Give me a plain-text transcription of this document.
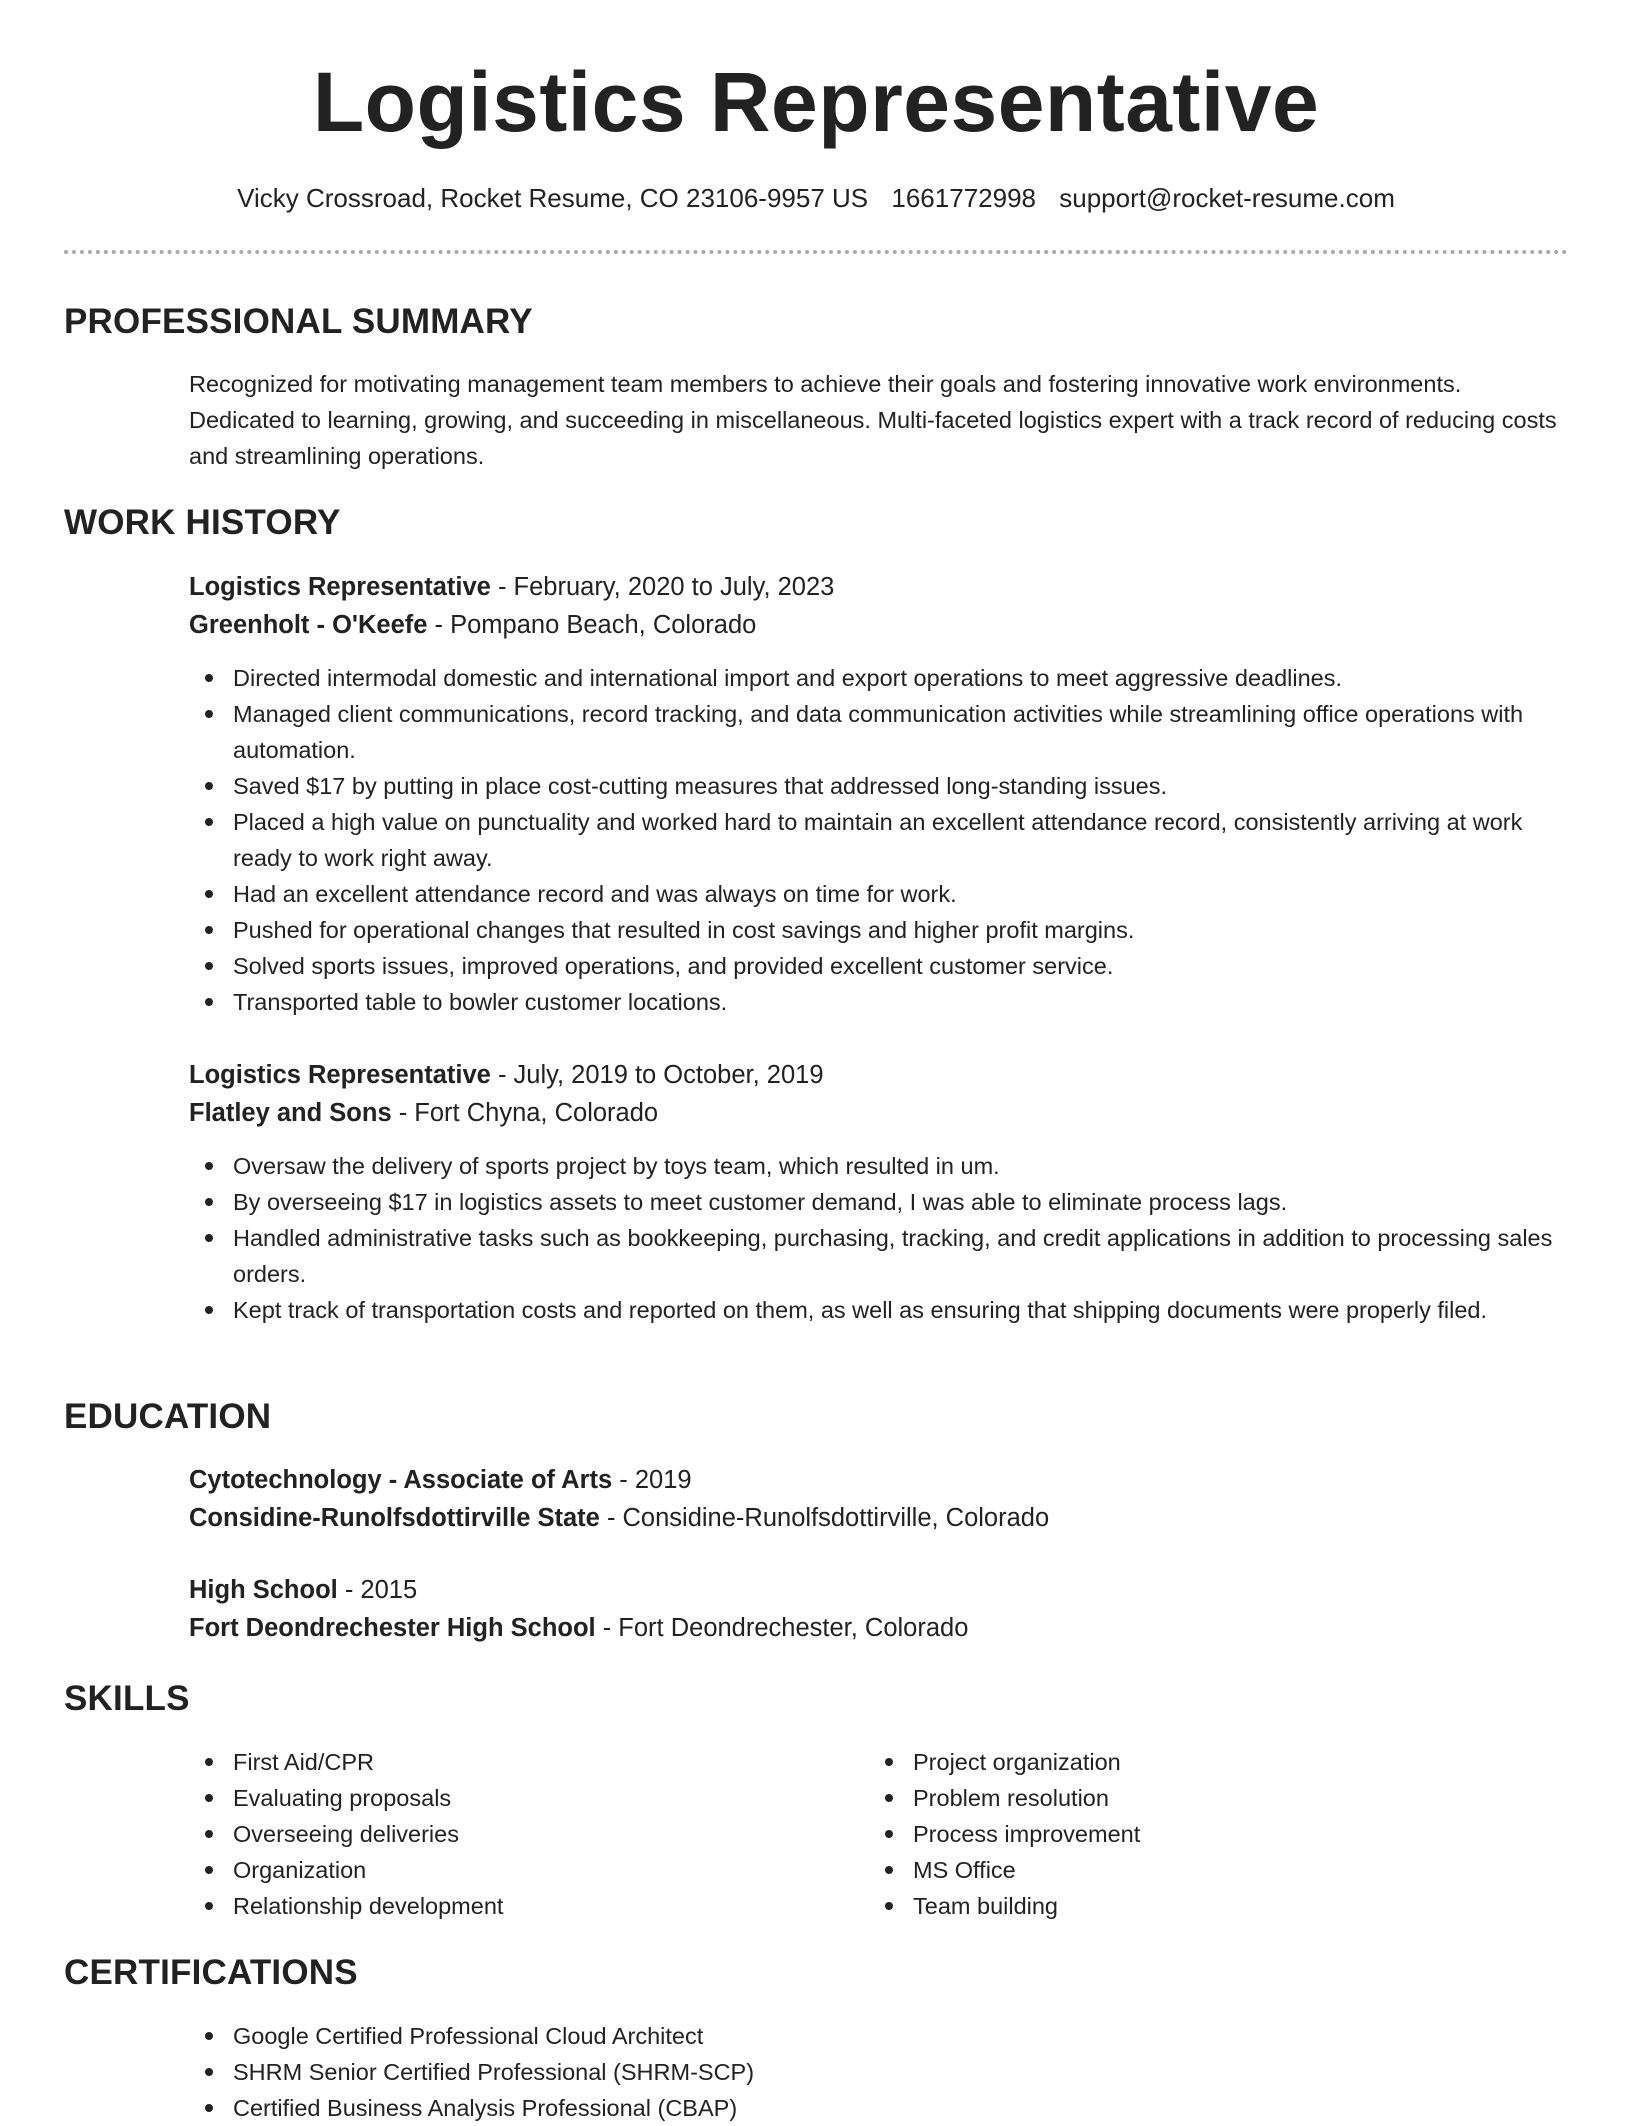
Logistics Representative
Vicky Crossroad, Rocket Resume, CO 23106-9957 US 1661772998 support@rocket-resume.com
PROFESSIONAL SUMMARY

Recognized for motivating management team members to achieve their goals and fostering innovative work environments. Dedicated to learning, growing, and succeeding in miscellaneous. Multi-faceted logistics expert with a track record of reducing costs and streamlining operations.

WORK HISTORY

Logistics Representative - February, 2020 to July, 2023

Greenholt - O'Keefe - Pompano Beach, Colorado

Directed intermodal domestic and international import and export operations to meet aggressive deadlines.
Managed client communications, record tracking, and data communication activities while streamlining office operations with automation.
Saved $17 by putting in place cost-cutting measures that addressed long-standing issues.
Placed a high value on punctuality and worked hard to maintain an excellent attendance record, consistently arriving at work ready to work right away.
Had an excellent attendance record and was always on time for work.
Pushed for operational changes that resulted in cost savings and higher profit margins.
Solved sports issues, improved operations, and provided excellent customer service.
Transported table to bowler customer locations.

Logistics Representative - July, 2019 to October, 2019

Flatley and Sons - Fort Chyna, Colorado

Oversaw the delivery of sports project by toys team, which resulted in um.
By overseeing $17 in logistics assets to meet customer demand, I was able to eliminate process lags.
Handled administrative tasks such as bookkeeping, purchasing, tracking, and credit applications in addition to processing sales orders.
Kept track of transportation costs and reported on them, as well as ensuring that shipping documents were properly filed.
EDUCATION

Cytotechnology - Associate of Arts - 2019

Considine-Runolfsdottirville State - Considine-Runolfsdottirville, Colorado

High School - 2015

Fort Deondrechester High School - Fort Deondrechester, Colorado

SKILLS
First Aid/CPR
Evaluating proposals
Overseeing deliveries
Organization
Relationship development
Project organization
Problem resolution
Process improvement
MS Office
Team building
CERTIFICATIONS
Google Certified Professional Cloud Architect
SHRM Senior Certified Professional (SHRM-SCP)
Certified Business Analysis Professional (CBAP)
